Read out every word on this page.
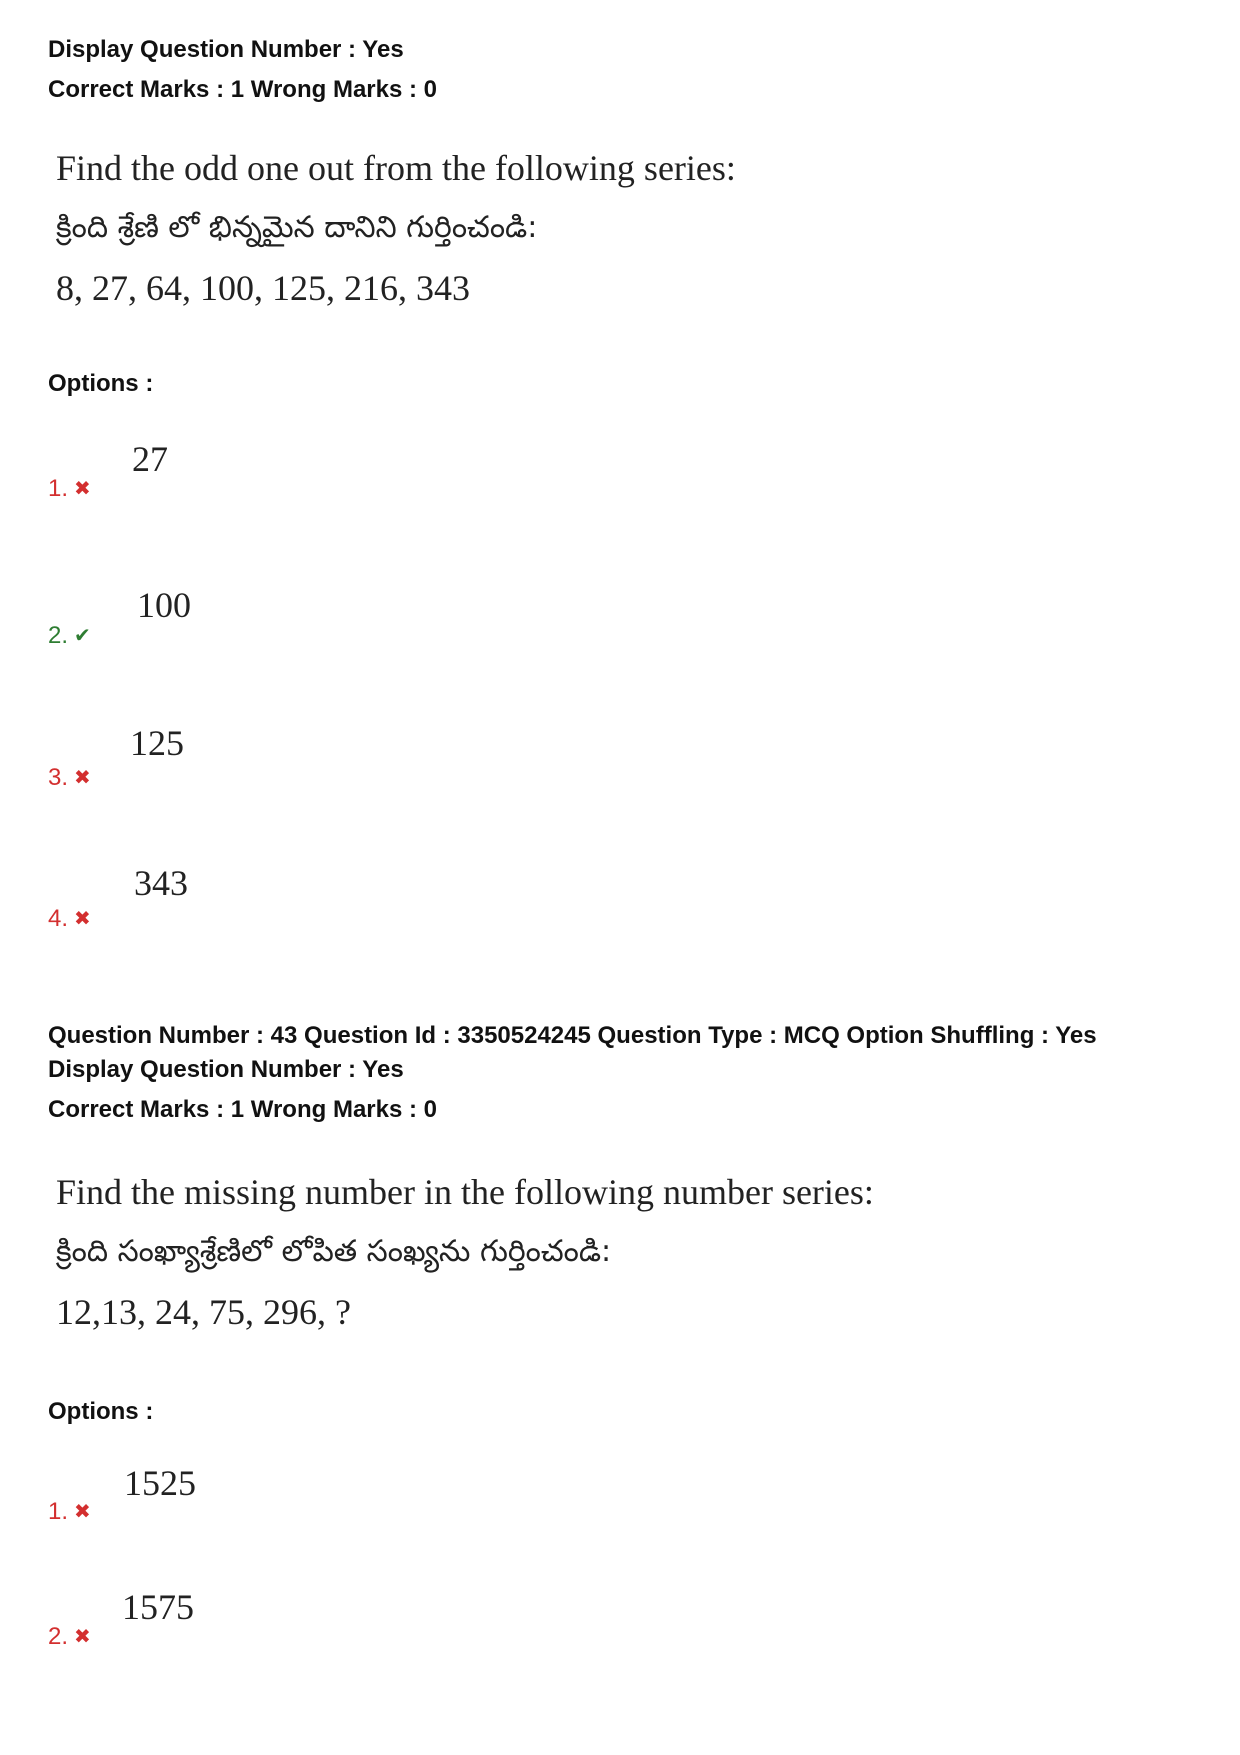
Display Question Number : Yes
Correct Marks : 1 Wrong Marks : 0
Find the odd one out from the following series:
క్రింది శ్రేణి లో భిన్నమైన దానిని గుర్తించండి:
8, 27, 64, 100, 125, 216, 343
Options :
27
1. ✖
100
2. ✔
125
3. ✖
343
4. ✖
Question Number : 43 Question Id : 3350524245 Question Type : MCQ Option Shuffling : Yes
Display Question Number : Yes
Correct Marks : 1 Wrong Marks : 0
Find the missing number in the following number series:
క్రింది సంఖ్యాశ్రేణిలో లోపిత సంఖ్యను గుర్తించండి:
12,13, 24, 75, 296, ?
Options :
1525
1. ✖
1575
2. ✖
